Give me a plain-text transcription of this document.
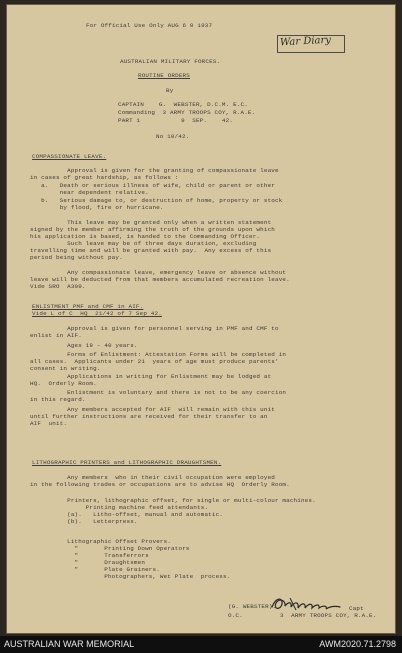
For Official Use Only AUG 6 0 1937
War Diary
AUSTRALIAN MILITARY FORCES.
ROUTINE ORDERS
By
CAPTAIN    G.  WEBSTER, D.C.M. E.C.
Commanding  3 ARMY TROOPS COY, R.A.E.
PART 1           9  SEP.    42.
No 10/42.
COMPASSIONATE LEAVE.
Approval is given for the granting of compassionate leave
in cases of great hardship, as follows :
a.   Death or serious illness of wife, child or parent or other
near dependent relative.
b.   Serious damage to, or destruction of home, property or stock
by flood, fire or hurricane.
This leave may be granted only when a written statement
signed by the member affirming the truth of the grounds upon which
his application is based, is handed to the Commanding Officer.
Such leave may be of three days duration, excluding
travelling time and will be granted with pay.  Any excess of this
period being without pay.
Any compassionate leave, emergency leave or absence without
leave will be deducted from that members accumulated recreation leave.
Vide SRO  A309.
ENLISTMENT PMF and CMF in AIF.
Vide L of C  HQ  21/42 of 7 Sep 42.
Approval is given for personnel serving in PMF and CMF to
enlist in AIF.
Ages 19 - 40 years.
Forms of Enlistment: Attestation Forms will be completed in
all cases.  Applicants under 21  years of age must produce parents'
consent in writing.
Applications in writing for Enlistment may be lodged at
HQ.  Orderly Room.
Enlistment is voluntary and there is not to be any coercion
in this regard.
Any members accepted for AIF  will remain with this unit
until further instructions are received for their transfer to an
AIF  unit.
LITHOGRAPHIC PRINTERS and LITHOGRAPHIC DRAUGHTSMEN.
Any members  who in their civil occupation were employed
in the following trades or occupations are to advise HQ  Orderly Room.
Printers, lithographic offset, for single or multi-colour machines.
Printing machine feed attendants.
(a).   Litho-offset, manual and automatic.
(b).   Letterpress.
Lithographic Offset Provers.
"       Printing Down Operators
"       Transferrors
"       Draughtsmen
"       Plate Grainers.
Photographers, Wet Plate  process.
(G. WEBSTER).	Capt
O.C.          3  ARMY TROOPS COY, R.A.E.
AUSTRALIAN WAR MEMORIAL	AWM2020.71.2798
